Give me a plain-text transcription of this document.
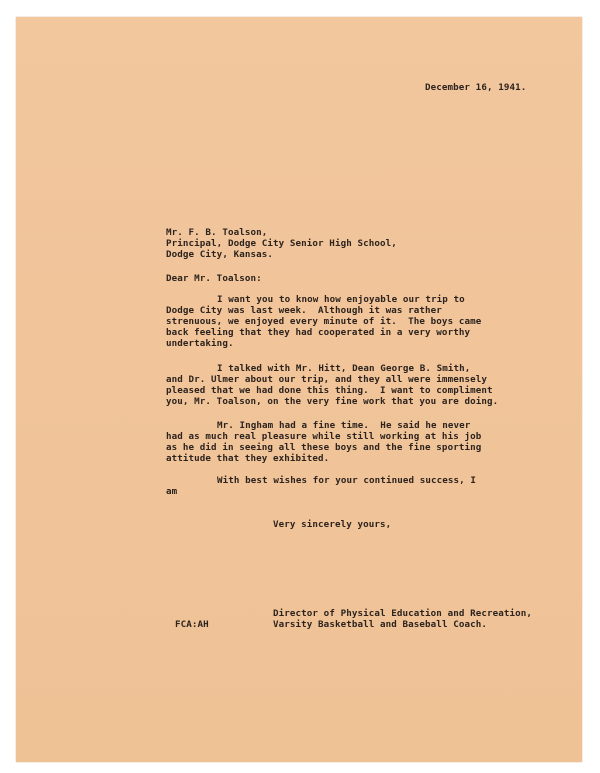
December 16, 1941.
Mr. F. B. Toalson,
Principal, Dodge City Senior High School,
Dodge City, Kansas.
Dear Mr. Toalson:
I want you to know how enjoyable our trip to
Dodge City was last week.  Although it was rather
strenuous, we enjoyed every minute of it.  The boys came
back feeling that they had cooperated in a very worthy
undertaking.
I talked with Mr. Hitt, Dean George B. Smith,
and Dr. Ulmer about our trip, and they all were immensely
pleased that we had done this thing.  I want to compliment
you, Mr. Toalson, on the very fine work that you are doing.
Mr. Ingham had a fine time.  He said he never
had as much real pleasure while still working at his job
as he did in seeing all these boys and the fine sporting
attitude that they exhibited.
With best wishes for your continued success, I
am
Very sincerely yours,
FCA:AH
Director of Physical Education and Recreation,
Varsity Basketball and Baseball Coach.
